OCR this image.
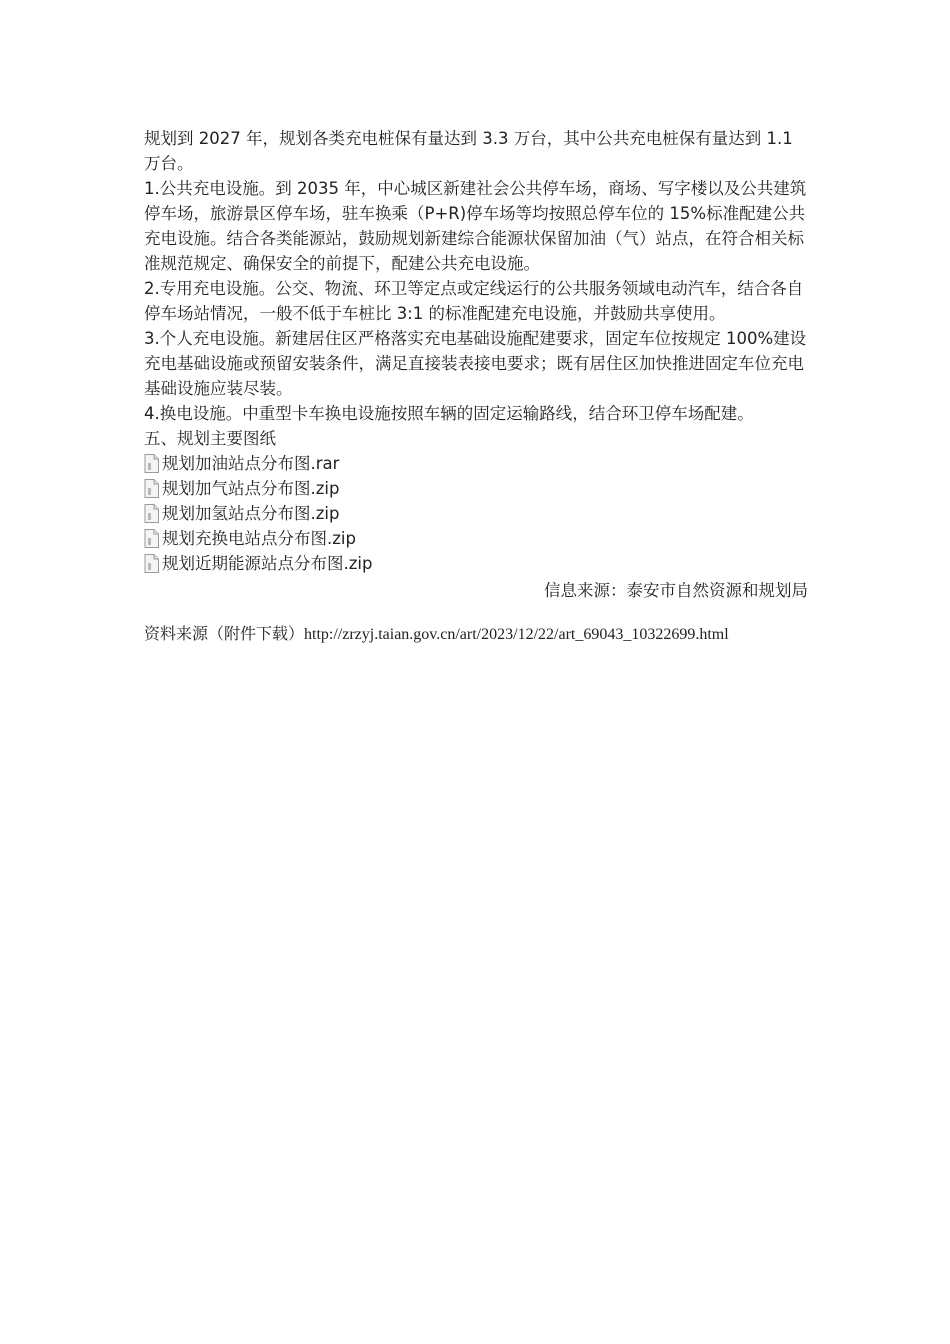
规划到 2027 年，规划各类充电桩保有量达到 3.3 万台，其中公共充电桩保有量达到 1.1 万台。

1.公共充电设施。到 2035 年，中心城区新建社会公共停车场，商场、写字楼以及公共建筑停车场，旅游景区停车场，驻车换乘（P+R)停车场等均按照总停车位的 15%标准配建公共充电设施。结合各类能源站，鼓励规划新建综合能源状保留加油（气）站点，在符合相关标准规范规定、确保安全的前提下，配建公共充电设施。

2.专用充电设施。公交、物流、环卫等定点或定线运行的公共服务领域电动汽车，结合各自停车场站情况，一般不低于车桩比 3:1 的标准配建充电设施，并鼓励共享使用。

3.个人充电设施。新建居住区严格落实充电基础设施配建要求，固定车位按规定 100%建设充电基础设施或预留安装条件，满足直接装表接电要求；既有居住区加快推进固定车位充电基础设施应装尽装。

4.换电设施。中重型卡车换电设施按照车辆的固定运输路线，结合环卫停车场配建。

五、规划主要图纸

规划加油站点分布图.rar
规划加气站点分布图.zip
规划加氢站点分布图.zip
规划充换电站点分布图.zip
规划近期能源站点分布图.zip
信息来源：泰安市自然资源和规划局
资料来源（附件下载）http://zrzyj.taian.gov.cn/art/2023/12/22/art_69043_10322699.html
